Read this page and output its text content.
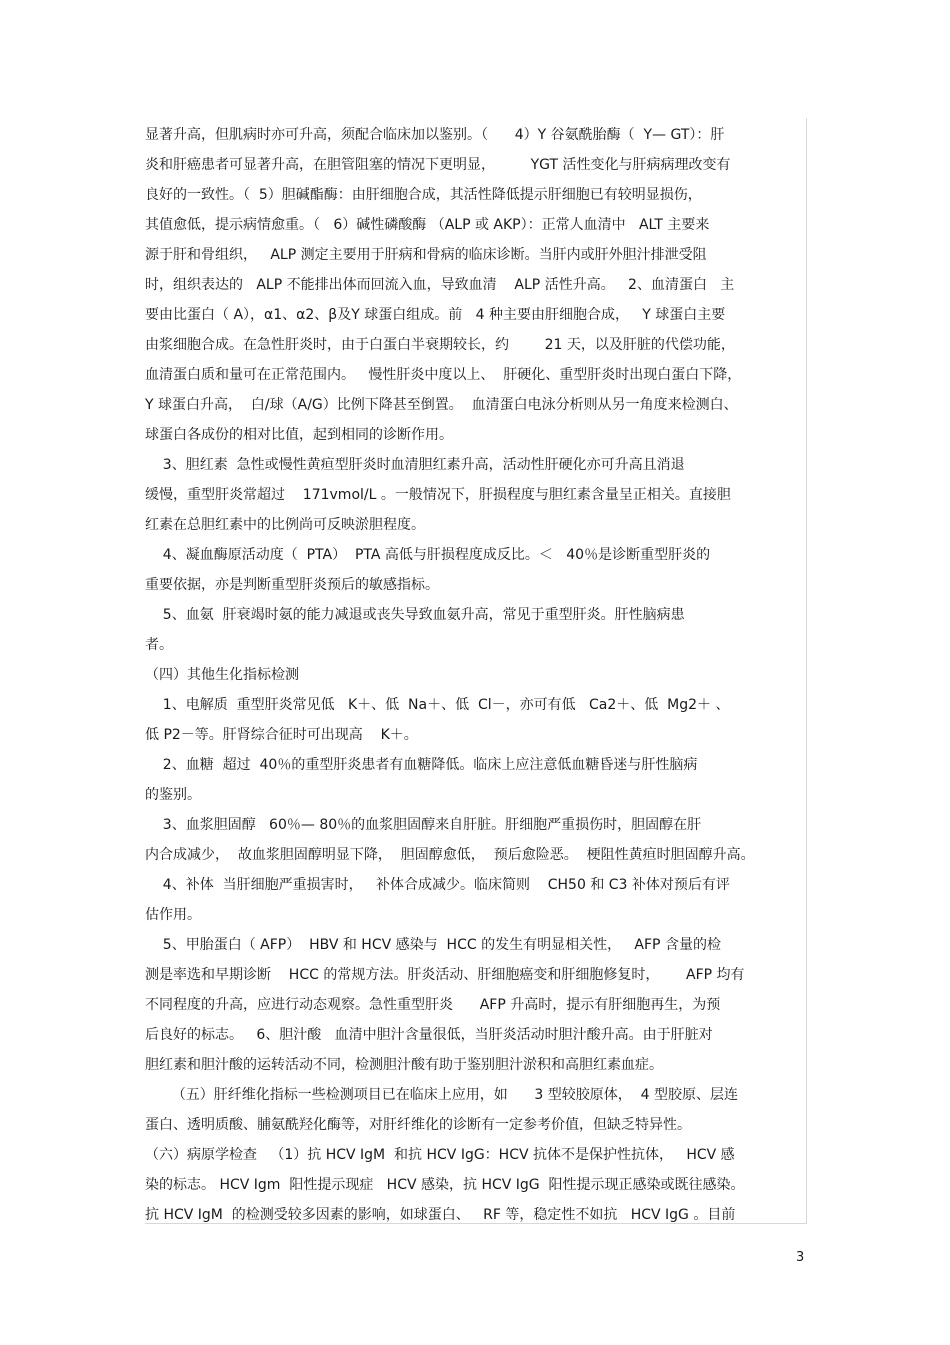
显著升高，但肌病时亦可升高，须配合临床加以鉴别。（      4）Y 谷氨酰胎酶（  Y— GT）：肝
炎和肝癌患者可显著升高，在胆管阻塞的情况下更明显，        YGT 活性变化与肝病病理改变有
良好的一致性。（  5）胆碱酯酶：由肝细胞合成，其活性降低提示肝细胞已有较明显损伤，
其值愈低，提示病情愈重。（   6）碱性磷酸酶 （ALP 或 AKP）：正常人血清中   ALT 主要来
源于肝和骨组织，   ALP 测定主要用于肝病和骨病的临床诊断。当肝内或肝外胆汁排泄受阻
时，组织表达的   ALP 不能排出体而回流入血，导致血清    ALP 活性升高。   2、血清蛋白   主
要由比蛋白（ A），α1、α2、β及Y 球蛋白组成。前   4 种主要由肝细胞合成，   Y 球蛋白主要
由浆细胞合成。在急性肝炎时，由于白蛋白半衰期较长，约        21 天，以及肝脏的代偿功能，
血清蛋白质和量可在正常范围内。   慢性肝炎中度以上、  肝硬化、重型肝炎时出现白蛋白下降，
Y 球蛋白升高，  白/球（A/G）比例下降甚至倒置。  血清蛋白电泳分析则从另一角度来检测白、
球蛋白各成份的相对比值，起到相同的诊断作用。
3、胆红素  急性或慢性黄疸型肝炎时血清胆红素升高，活动性肝硬化亦可升高且消退
缓慢，重型肝炎常超过    171vmol/L 。一般情况下，肝损程度与胆红素含量呈正相关。直接胆
红素在总胆红素中的比例尚可反映淤胆程度。
4、凝血酶原活动度（  PTA）  PTA 高低与肝损程度成反比。＜   40％是诊断重型肝炎的
重要依据，亦是判断重型肝炎预后的敏感指标。
5、血氨  肝衰竭时氨的能力减退或丧失导致血氨升高，常见于重型肝炎。肝性脑病患
者。
（四）其他生化指标检测
1、电解质  重型肝炎常见低   K＋、低  Na＋、低  Cl－，亦可有低   Ca2＋、低  Mg2＋ 、
低 P2－等。肝肾综合征时可出现高    K＋。
2、血糖  超过  40％的重型肝炎患者有血糖降低。临床上应注意低血糖昏迷与肝性脑病
的鉴别。
3、血浆胆固醇   60％— 80％的血浆胆固醇来自肝脏。肝细胞严重损伤时，胆固醇在肝
内合成减少，  故血浆胆固醇明显下降，  胆固醇愈低，  预后愈险恶。  梗阻性黄疸时胆固醇升高。
4、补体  当肝细胞严重损害时，   补体合成减少。临床简则    CH50 和 C3 补体对预后有评
估作用。
5、甲胎蛋白（ AFP）  HBV 和 HCV 感染与  HCC 的发生有明显相关性，   AFP 含量的检
测是率选和早期诊断    HCC 的常规方法。肝炎活动、肝细胞癌变和肝细胞修复时，      AFP 均有
不同程度的升高，应进行动态观察。急性重型肝炎      AFP 升高时，提示有肝细胞再生，为预
后良好的标志。   6、胆汁酸   血清中胆汁含量很低，当肝炎活动时胆汁酸升高。由于肝脏对
胆红素和胆汁酸的运转活动不同，检测胆汁酸有助于鉴别胆汁淤积和高胆红素血症。
（五）肝纤维化指标一些检测项目已在临床上应用，如      3 型较胶原体，  4 型胶原、层连
蛋白、透明质酸、脯氨酰羟化酶等，对肝纤维化的诊断有一定参考价值，但缺乏特异性。
（六）病原学检查   （1）抗 HCV IgM  和抗 HCV IgG：HCV 抗体不是保护性抗体，   HCV 感
染的标志。 HCV Igm  阳性提示现症   HCV 感染，抗 HCV IgG  阳性提示现正感染或既往感染。
抗 HCV IgM  的检测受较多因素的影响，如球蛋白、   RF 等，稳定性不如抗   HCV IgG 。目前
3
